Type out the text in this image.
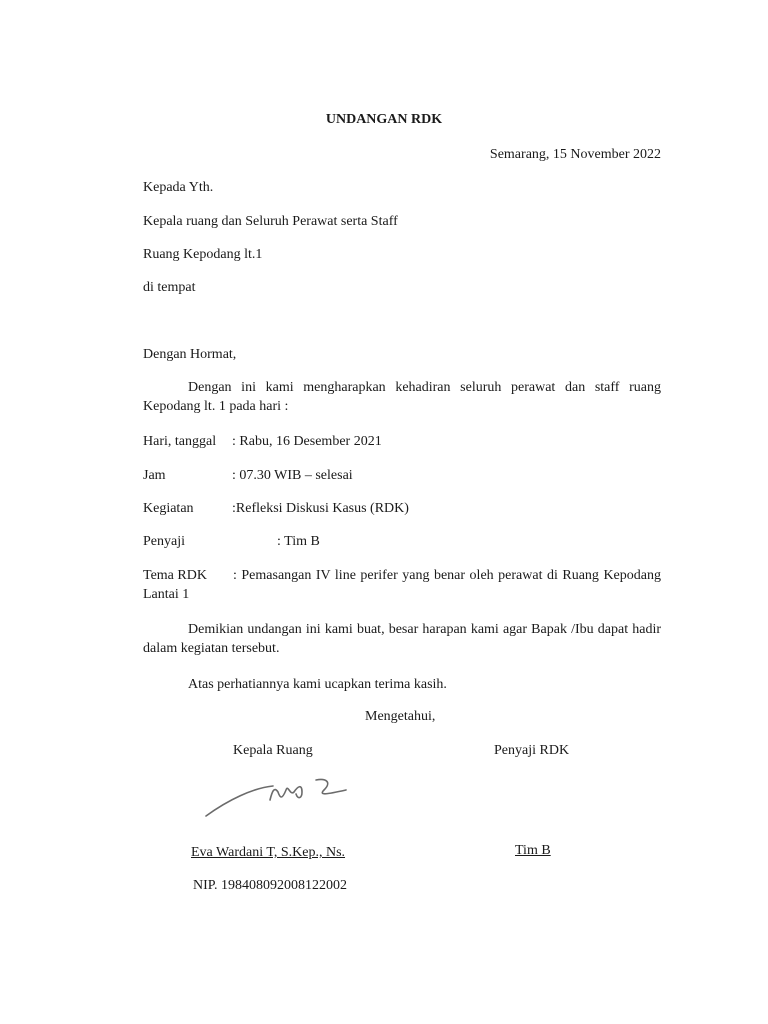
UNDANGAN RDK
Semarang, 15 November 2022
Kepada Yth.
Kepala ruang dan Seluruh Perawat serta Staff
Ruang Kepodang lt.1
di tempat
Dengan Hormat,
Dengan ini kami mengharapkan kehadiran seluruh perawat dan staff ruang Kepodang lt. 1 pada hari :
Hari, tanggal : Rabu, 16 Desember 2021
Jam	: 07.30 WIB – selesai
Kegiatan	:Refleksi Diskusi Kasus (RDK)
Penyaji	: Tim B
Tema RDK : Pemasangan IV line perifer yang benar oleh perawat di Ruang Kepodang Lantai 1
Demikian undangan ini kami buat, besar harapan kami agar Bapak /Ibu dapat hadir dalam kegiatan tersebut.
Atas perhatiannya kami ucapkan terima kasih.
Mengetahui,
Kepala Ruang	Penyaji RDK
Eva Wardani T, S.Kep., Ns.	Tim B
NIP. 198408092008122002
